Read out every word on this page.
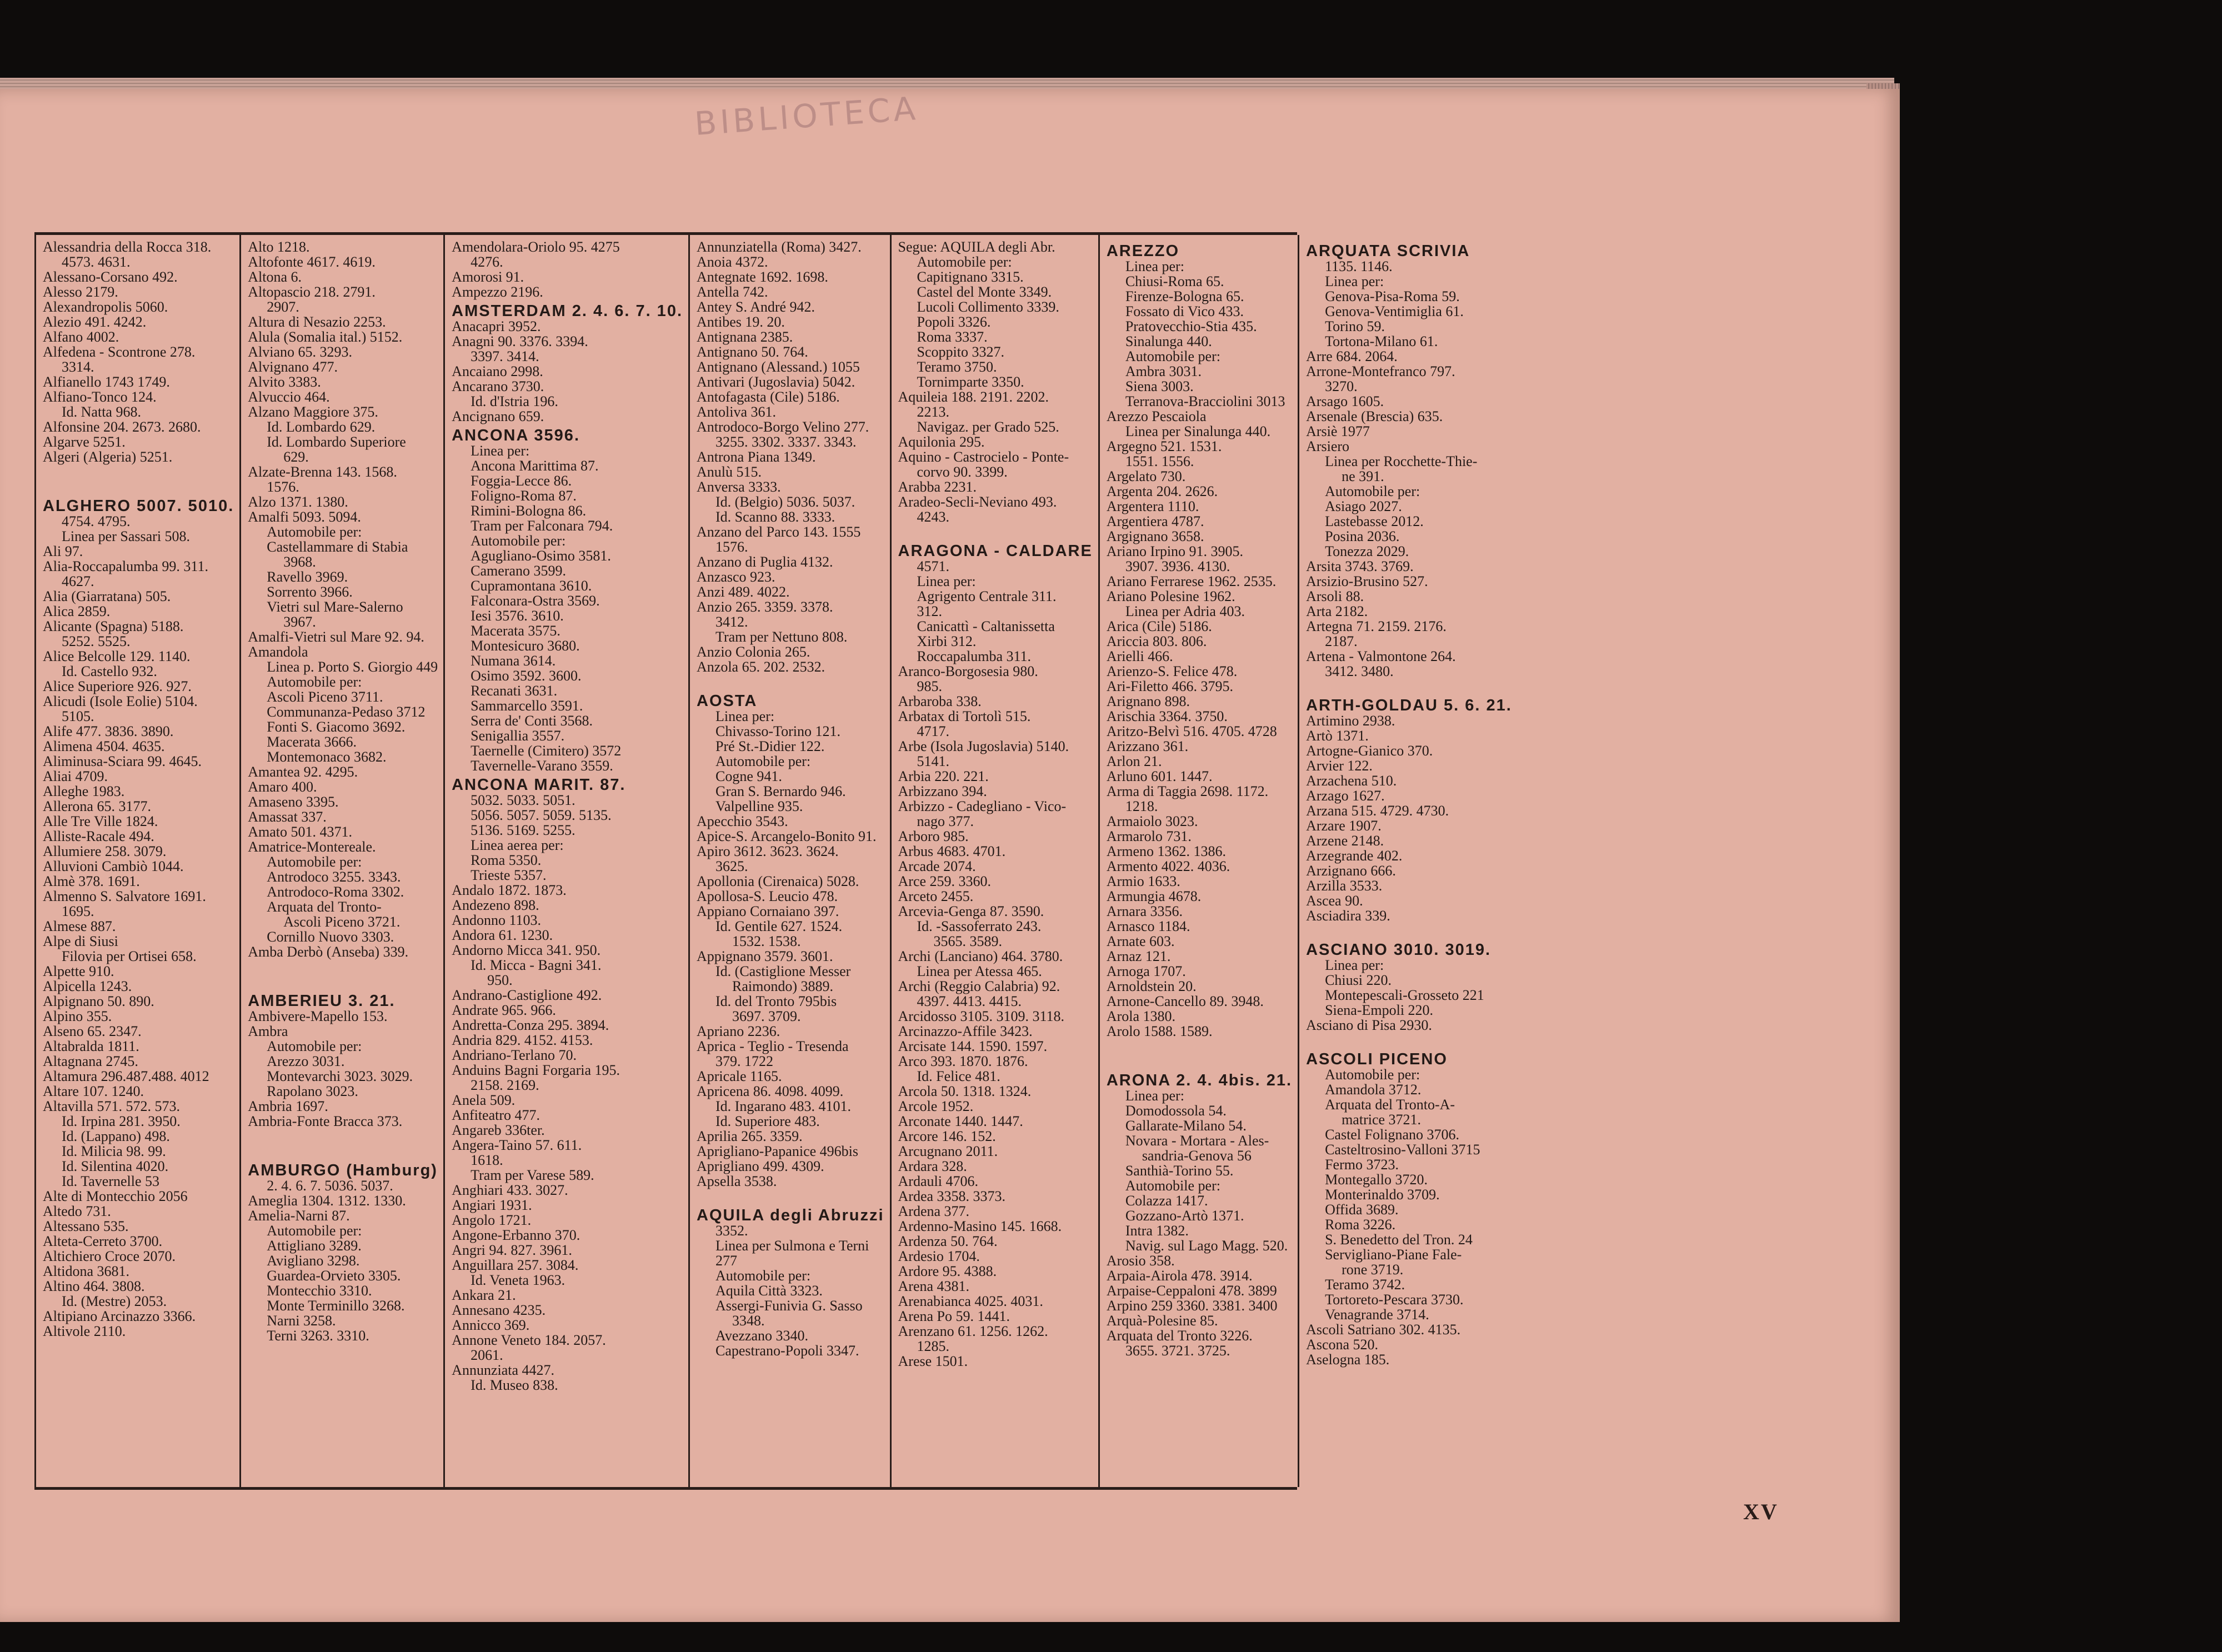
BIBLIOTECA
Alessandria della Rocca 318.
4573. 4631.
Alessano-Corsano 492.
Alesso 2179.
Alexandropolis 5060.
Alezio 491. 4242.
Alfano 4002.
Alfedena - Scontrone 278.
3314.
Alfianello 1743 1749.
Alfiano-Tonco 124.
Id. Natta 968.
Alfonsine 204. 2673. 2680.
Algarve 5251.
Algeri (Algeria) 5251.
ALGHERO 5007. 5010.
4754. 4795.
Linea per Sassari 508.
Ali 97.
Alia-Roccapalumba 99. 311.
4627.
Alia (Giarratana) 505.
Alica 2859.
Alicante (Spagna) 5188.
5252. 5525.
Alice Belcolle 129. 1140.
Id. Castello 932.
Alice Superiore 926. 927.
Alicudi (Isole Eolie) 5104.
5105.
Alife 477. 3836. 3890.
Alimena 4504. 4635.
Aliminusa-Sciara 99. 4645.
Aliai 4709.
Alleghe 1983.
Allerona 65. 3177.
Alle Tre Ville 1824.
Alliste-Racale 494.
Allumiere 258. 3079.
Alluvioni Cambiò 1044.
Almè 378. 1691.
Almenno S. Salvatore 1691.
1695.
Almese 887.
Alpe di Siusi
Filovia per Ortisei 658.
Alpette 910.
Alpicella 1243.
Alpignano 50. 890.
Alpino 355.
Alseno 65. 2347.
Altabralda 1811.
Altagnana 2745.
Altamura 296.487.488. 4012
Altare 107. 1240.
Altavilla 571. 572. 573.
Id. Irpina 281. 3950.
Id. (Lappano) 498.
Id. Milicia 98. 99.
Id. Silentina 4020.
Id. Tavernelle 53
Alte di Montecchio 2056
Altedo 731.
Altessano 535.
Alteta-Cerreto 3700.
Altichiero Croce 2070.
Altidona 3681.
Altino 464. 3808.
Id. (Mestre) 2053.
Altipiano Arcinazzo 3366.
Altivole 2110.
Alto 1218.
Altofonte 4617. 4619.
Altona 6.
Altopascio 218. 2791.
2907.
Altura di Nesazio 2253.
Alula (Somalia ital.) 5152.
Alviano 65. 3293.
Alvignano 477.
Alvito 3383.
Alvuccio 464.
Alzano Maggiore 375.
Id. Lombardo 629.
Id. Lombardo Superiore
629.
Alzate-Brenna 143. 1568.
1576.
Alzo 1371. 1380.
Amalfi 5093. 5094.
Automobile per:
Castellammare di Stabia
3968.
Ravello 3969.
Sorrento 3966.
Vietri sul Mare-Salerno
3967.
Amalfi-Vietri sul Mare 92. 94.
Amandola
Linea p. Porto S. Giorgio 449
Automobile per:
Ascoli Piceno 3711.
Communanza-Pedaso 3712
Fonti S. Giacomo 3692.
Macerata 3666.
Montemonaco 3682.
Amantea 92. 4295.
Amaro 400.
Amaseno 3395.
Amassat 337.
Amato 501. 4371.
Amatrice-Montereale.
Automobile per:
Antrodoco 3255. 3343.
Antrodoco-Roma 3302.
Arquata del Tronto-
Ascoli Piceno 3721.
Cornillo Nuovo 3303.
Amba Derbò (Anseba) 339.
AMBERIEU 3. 21.
Ambivere-Mapello 153.
Ambra
Automobile per:
Arezzo 3031.
Montevarchi 3023. 3029.
Rapolano 3023.
Ambria 1697.
Ambria-Fonte Bracca 373.
AMBURGO (Hamburg)
2. 4. 6. 7. 5036. 5037.
Ameglia 1304. 1312. 1330.
Amelia-Narni 87.
Automobile per:
Attigliano 3289.
Avigliano 3298.
Guardea-Orvieto 3305.
Montecchio 3310.
Monte Terminillo 3268.
Narni 3258.
Terni 3263. 3310.
Amendolara-Oriolo 95. 4275
4276.
Amorosi 91.
Ampezzo 2196.
AMSTERDAM 2. 4. 6. 7. 10.
Anacapri 3952.
Anagni 90. 3376. 3394.
3397. 3414.
Ancaiano 2998.
Ancarano 3730.
Id. d'Istria 196.
Ancignano 659.
ANCONA 3596.
Linea per:
Ancona Marittima 87.
Foggia-Lecce 86.
Foligno-Roma 87.
Rimini-Bologna 86.
Tram per Falconara 794.
Automobile per:
Agugliano-Osimo 3581.
Camerano 3599.
Cupramontana 3610.
Falconara-Ostra 3569.
Iesi 3576. 3610.
Macerata 3575.
Montesicuro 3680.
Numana 3614.
Osimo 3592. 3600.
Recanati 3631.
Sammarcello 3591.
Serra de' Conti 3568.
Senigallia 3557.
Taernelle (Cimitero) 3572
Tavernelle-Varano 3559.
ANCONA MARIT. 87.
5032. 5033. 5051.
5056. 5057. 5059. 5135.
5136. 5169. 5255.
Linea aerea per:
Roma 5350.
Trieste 5357.
Andalo 1872. 1873.
Andezeno 898.
Andonno 1103.
Andora 61. 1230.
Andorno Micca 341. 950.
Id. Micca - Bagni 341.
950.
Andrano-Castiglione 492.
Andrate 965. 966.
Andretta-Conza 295. 3894.
Andria 829. 4152. 4153.
Andriano-Terlano 70.
Anduins Bagni Forgaria 195.
2158. 2169.
Anela 509.
Anfiteatro 477.
Angareb 336ter.
Angera-Taino 57. 611.
1618.
Tram per Varese 589.
Anghiari 433. 3027.
Angiari 1931.
Angolo 1721.
Angone-Erbanno 370.
Angri 94. 827. 3961.
Anguillara 257. 3084.
Id. Veneta 1963.
Ankara 21.
Annesano 4235.
Annicco 369.
Annone Veneto 184. 2057.
2061.
Annunziata 4427.
Id. Museo 838.
Annunziatella (Roma) 3427.
Anoia 4372.
Antegnate 1692. 1698.
Antella 742.
Antey S. André 942.
Antibes 19. 20.
Antignana 2385.
Antignano 50. 764.
Antignano (Alessand.) 1055
Antivari (Jugoslavia) 5042.
Antofagasta (Cile) 5186.
Antoliva 361.
Antrodoco-Borgo Velino 277.
3255. 3302. 3337. 3343.
Antrona Piana 1349.
Anulù 515.
Anversa 3333.
Id. (Belgio) 5036. 5037.
Id. Scanno 88. 3333.
Anzano del Parco 143. 1555
1576.
Anzano di Puglia 4132.
Anzasco 923.
Anzi 489. 4022.
Anzio 265. 3359. 3378.
3412.
Tram per Nettuno 808.
Anzio Colonia 265.
Anzola 65. 202. 2532.
AOSTA
Linea per:
Chivasso-Torino 121.
Pré St.-Didier 122.
Automobile per:
Cogne 941.
Gran S. Bernardo 946.
Valpelline 935.
Apecchio 3543.
Apice-S. Arcangelo-Bonito 91.
Apiro 3612. 3623. 3624.
3625.
Apollonia (Cirenaica) 5028.
Apollosa-S. Leucio 478.
Appiano Cornaiano 397.
Id. Gentile 627. 1524.
1532. 1538.
Appignano 3579. 3601.
Id. (Castiglione Messer
Raimondo) 3889.
Id. del Tronto 795bis
3697. 3709.
Apriano 2236.
Aprica - Teglio - Tresenda
379. 1722
Apricale 1165.
Apricena 86. 4098. 4099.
Id. Ingarano 483. 4101.
Id. Superiore 483.
Aprilia 265. 3359.
Aprigliano-Papanice 496bis
Aprigliano 499. 4309.
Apsella 3538.
AQUILA degli Abruzzi
3352.
Linea per Sulmona e Terni
277
Automobile per:
Aquila Città 3323.
Assergi-Funivia G. Sasso
3348.
Avezzano 3340.
Capestrano-Popoli 3347.
Segue: AQUILA degli Abr.
Automobile per:
Capitignano 3315.
Castel del Monte 3349.
Lucoli Collimento 3339.
Popoli 3326.
Roma 3337.
Scoppito 3327.
Teramo 3750.
Tornimparte 3350.
Aquileia 188. 2191. 2202.
2213.
Navigaz. per Grado 525.
Aquilonia 295.
Aquino - Castrocielo - Ponte-
corvo 90. 3399.
Arabba 2231.
Aradeo-Secli-Neviano 493.
4243.
ARAGONA - CALDARE
4571.
Linea per:
Agrigento Centrale 311.
312.
Canicattì - Caltanissetta
Xirbi 312.
Roccapalumba 311.
Aranco-Borgosesia 980.
985.
Arbaroba 338.
Arbatax di Tortolì 515.
4717.
Arbe (Isola Jugoslavia) 5140.
5141.
Arbia 220. 221.
Arbizzano 394.
Arbizzo - Cadegliano - Vico-
nago 377.
Arboro 985.
Arbus 4683. 4701.
Arcade 2074.
Arce 259. 3360.
Arceto 2455.
Arcevia-Genga 87. 3590.
Id. -Sassoferrato 243.
3565. 3589.
Archi (Lanciano) 464. 3780.
Linea per Atessa 465.
Archi (Reggio Calabria) 92.
4397. 4413. 4415.
Arcidosso 3105. 3109. 3118.
Arcinazzo-Affile 3423.
Arcisate 144. 1590. 1597.
Arco 393. 1870. 1876.
Id. Felice 481.
Arcola 50. 1318. 1324.
Arcole 1952.
Arconate 1440. 1447.
Arcore 146. 152.
Arcugnano 2011.
Ardara 328.
Ardauli 4706.
Ardea 3358. 3373.
Ardena 377.
Ardenno-Masino 145. 1668.
Ardenza 50. 764.
Ardesio 1704.
Ardore 95. 4388.
Arena 4381.
Arenabianca 4025. 4031.
Arena Po 59. 1441.
Arenzano 61. 1256. 1262.
1285.
Arese 1501.
AREZZO
Linea per:
Chiusi-Roma 65.
Firenze-Bologna 65.
Fossato di Vico 433.
Pratovecchio-Stia 435.
Sinalunga 440.
Automobile per:
Ambra 3031.
Siena 3003.
Terranova-Bracciolini 3013
Arezzo Pescaiola
Linea per Sinalunga 440.
Argegno 521. 1531.
1551. 1556.
Argelato 730.
Argenta 204. 2626.
Argentera 1110.
Argentiera 4787.
Argignano 3658.
Ariano Irpino 91. 3905.
3907. 3936. 4130.
Ariano Ferrarese 1962. 2535.
Ariano Polesine 1962.
Linea per Adria 403.
Arica (Cile) 5186.
Ariccia 803. 806.
Arielli 466.
Arienzo-S. Felice 478.
Ari-Filetto 466. 3795.
Arignano 898.
Arischia 3364. 3750.
Aritzo-Belvì 516. 4705. 4728
Arizzano 361.
Arlon 21.
Arluno 601. 1447.
Arma di Taggia 2698. 1172.
1218.
Armaiolo 3023.
Armarolo 731.
Armeno 1362. 1386.
Armento 4022. 4036.
Armio 1633.
Armungia 4678.
Arnara 3356.
Arnasco 1184.
Arnate 603.
Arnaz 121.
Arnoga 1707.
Arnoldstein 20.
Arnone-Cancello 89. 3948.
Arola 1380.
Arolo 1588. 1589.
ARONA 2. 4. 4bis. 21.
Linea per:
Domodossola 54.
Gallarate-Milano 54.
Novara - Mortara - Ales-
sandria-Genova 56
Santhià-Torino 55.
Automobile per:
Colazza 1417.
Gozzano-Artò 1371.
Intra 1382.
Navig. sul Lago Magg. 520.
Arosio 358.
Arpaia-Airola 478. 3914.
Arpaise-Ceppaloni 478. 3899
Arpino 259 3360. 3381. 3400
Arquà-Polesine 85.
Arquata del Tronto 3226.
3655. 3721. 3725.
ARQUATA SCRIVIA
1135. 1146.
Linea per:
Genova-Pisa-Roma 59.
Genova-Ventimiglia 61.
Torino 59.
Tortona-Milano 61.
Arre 684. 2064.
Arrone-Montefranco 797.
3270.
Arsago 1605.
Arsenale (Brescia) 635.
Arsiè 1977
Arsiero
Linea per Rocchette-Thie-
ne 391.
Automobile per:
Asiago 2027.
Lastebasse 2012.
Posina 2036.
Tonezza 2029.
Arsita 3743. 3769.
Arsizio-Brusino 527.
Arsoli 88.
Arta 2182.
Artegna 71. 2159. 2176.
2187.
Artena - Valmontone 264.
3412. 3480.
ARTH-GOLDAU 5. 6. 21.
Artimino 2938.
Artò 1371.
Artogne-Gianico 370.
Arvier 122.
Arzachena 510.
Arzago 1627.
Arzana 515. 4729. 4730.
Arzare 1907.
Arzene 2148.
Arzegrande 402.
Arzignano 666.
Arzilla 3533.
Ascea 90.
Asciadira 339.
ASCIANO 3010. 3019.
Linea per:
Chiusi 220.
Montepescali-Grosseto 221
Siena-Empoli 220.
Asciano di Pisa 2930.
ASCOLI PICENO
Automobile per:
Amandola 3712.
Arquata del Tronto-A-
matrice 3721.
Castel Folignano 3706.
Casteltrosino-Valloni 3715
Fermo 3723.
Montegallo 3720.
Monterinaldo 3709.
Offida 3689.
Roma 3226.
S. Benedetto del Tron. 24
Servigliano-Piane Fale-
rone 3719.
Teramo 3742.
Tortoreto-Pescara 3730.
Venagrande 3714.
Ascoli Satriano 302. 4135.
Ascona 520.
Aselogna 185.
XV
